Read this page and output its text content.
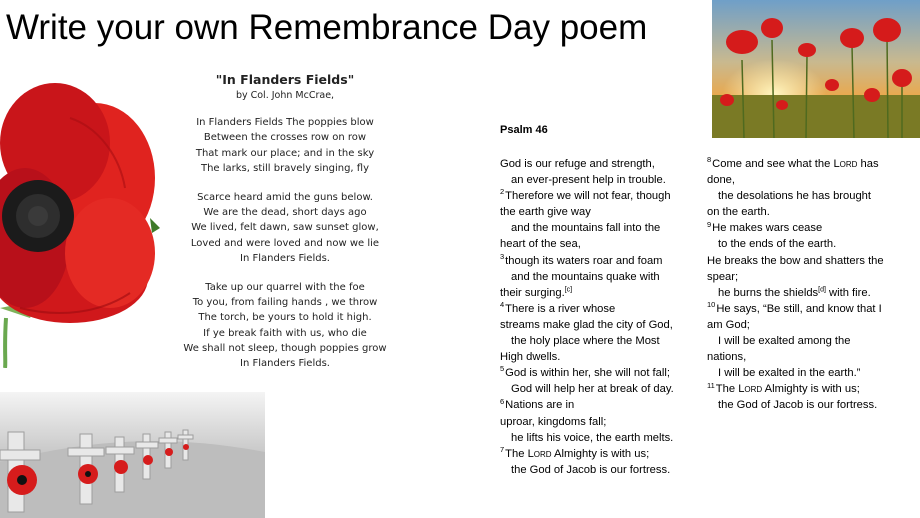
Write your own Remembrance Day poem
"In Flanders Fields"
by Col. John McCrae,
In Flanders Fields The poppies blow
Between the crosses row on row
That mark our place; and in the sky
The larks, still bravely singing, fly
Scarce heard amid the guns below.
We are the dead, short days ago
We lived, felt dawn, saw sunset glow,
Loved and were loved and now we lie
In Flanders Fields.
Take up our quarrel with the foe
To you, from failing hands , we throw
The torch, be yours to hold it high.
If ye break faith with us, who die
We shall not sleep, though poppies grow
In Flanders Fields.
Psalm 46
God is our refuge and strength,
an ever-present help in trouble.
$^2$Therefore we will not fear, though
the earth give way
and the mountains fall into the
heart of the sea,
$^3$though its waters roar and foam
and the mountains quake with
their surging.[c]
$^4$There is a river whose
streams make glad the city of God,
the holy place where the Most
High dwells.
$^5$God is within her, she will not fall;
God will help her at break of day.
$^6$Nations are in
uproar, kingdoms fall;
he lifts his voice, the earth melts.
$^7$The Lord Almighty is with us;
the God of Jacob is our fortress.
$^8$Come and see what the Lord has
done,
the desolations he has brought
on the earth.
$^9$He makes wars cease
to the ends of the earth.
He breaks the bow and shatters the
spear;
he burns the shields[d] with fire.
$^{10}$He says, “Be still, and know that I
am God;
I will be exalted among the
nations,
I will be exalted in the earth.”
$^{11}$The Lord Almighty is with us;
the God of Jacob is our fortress.
